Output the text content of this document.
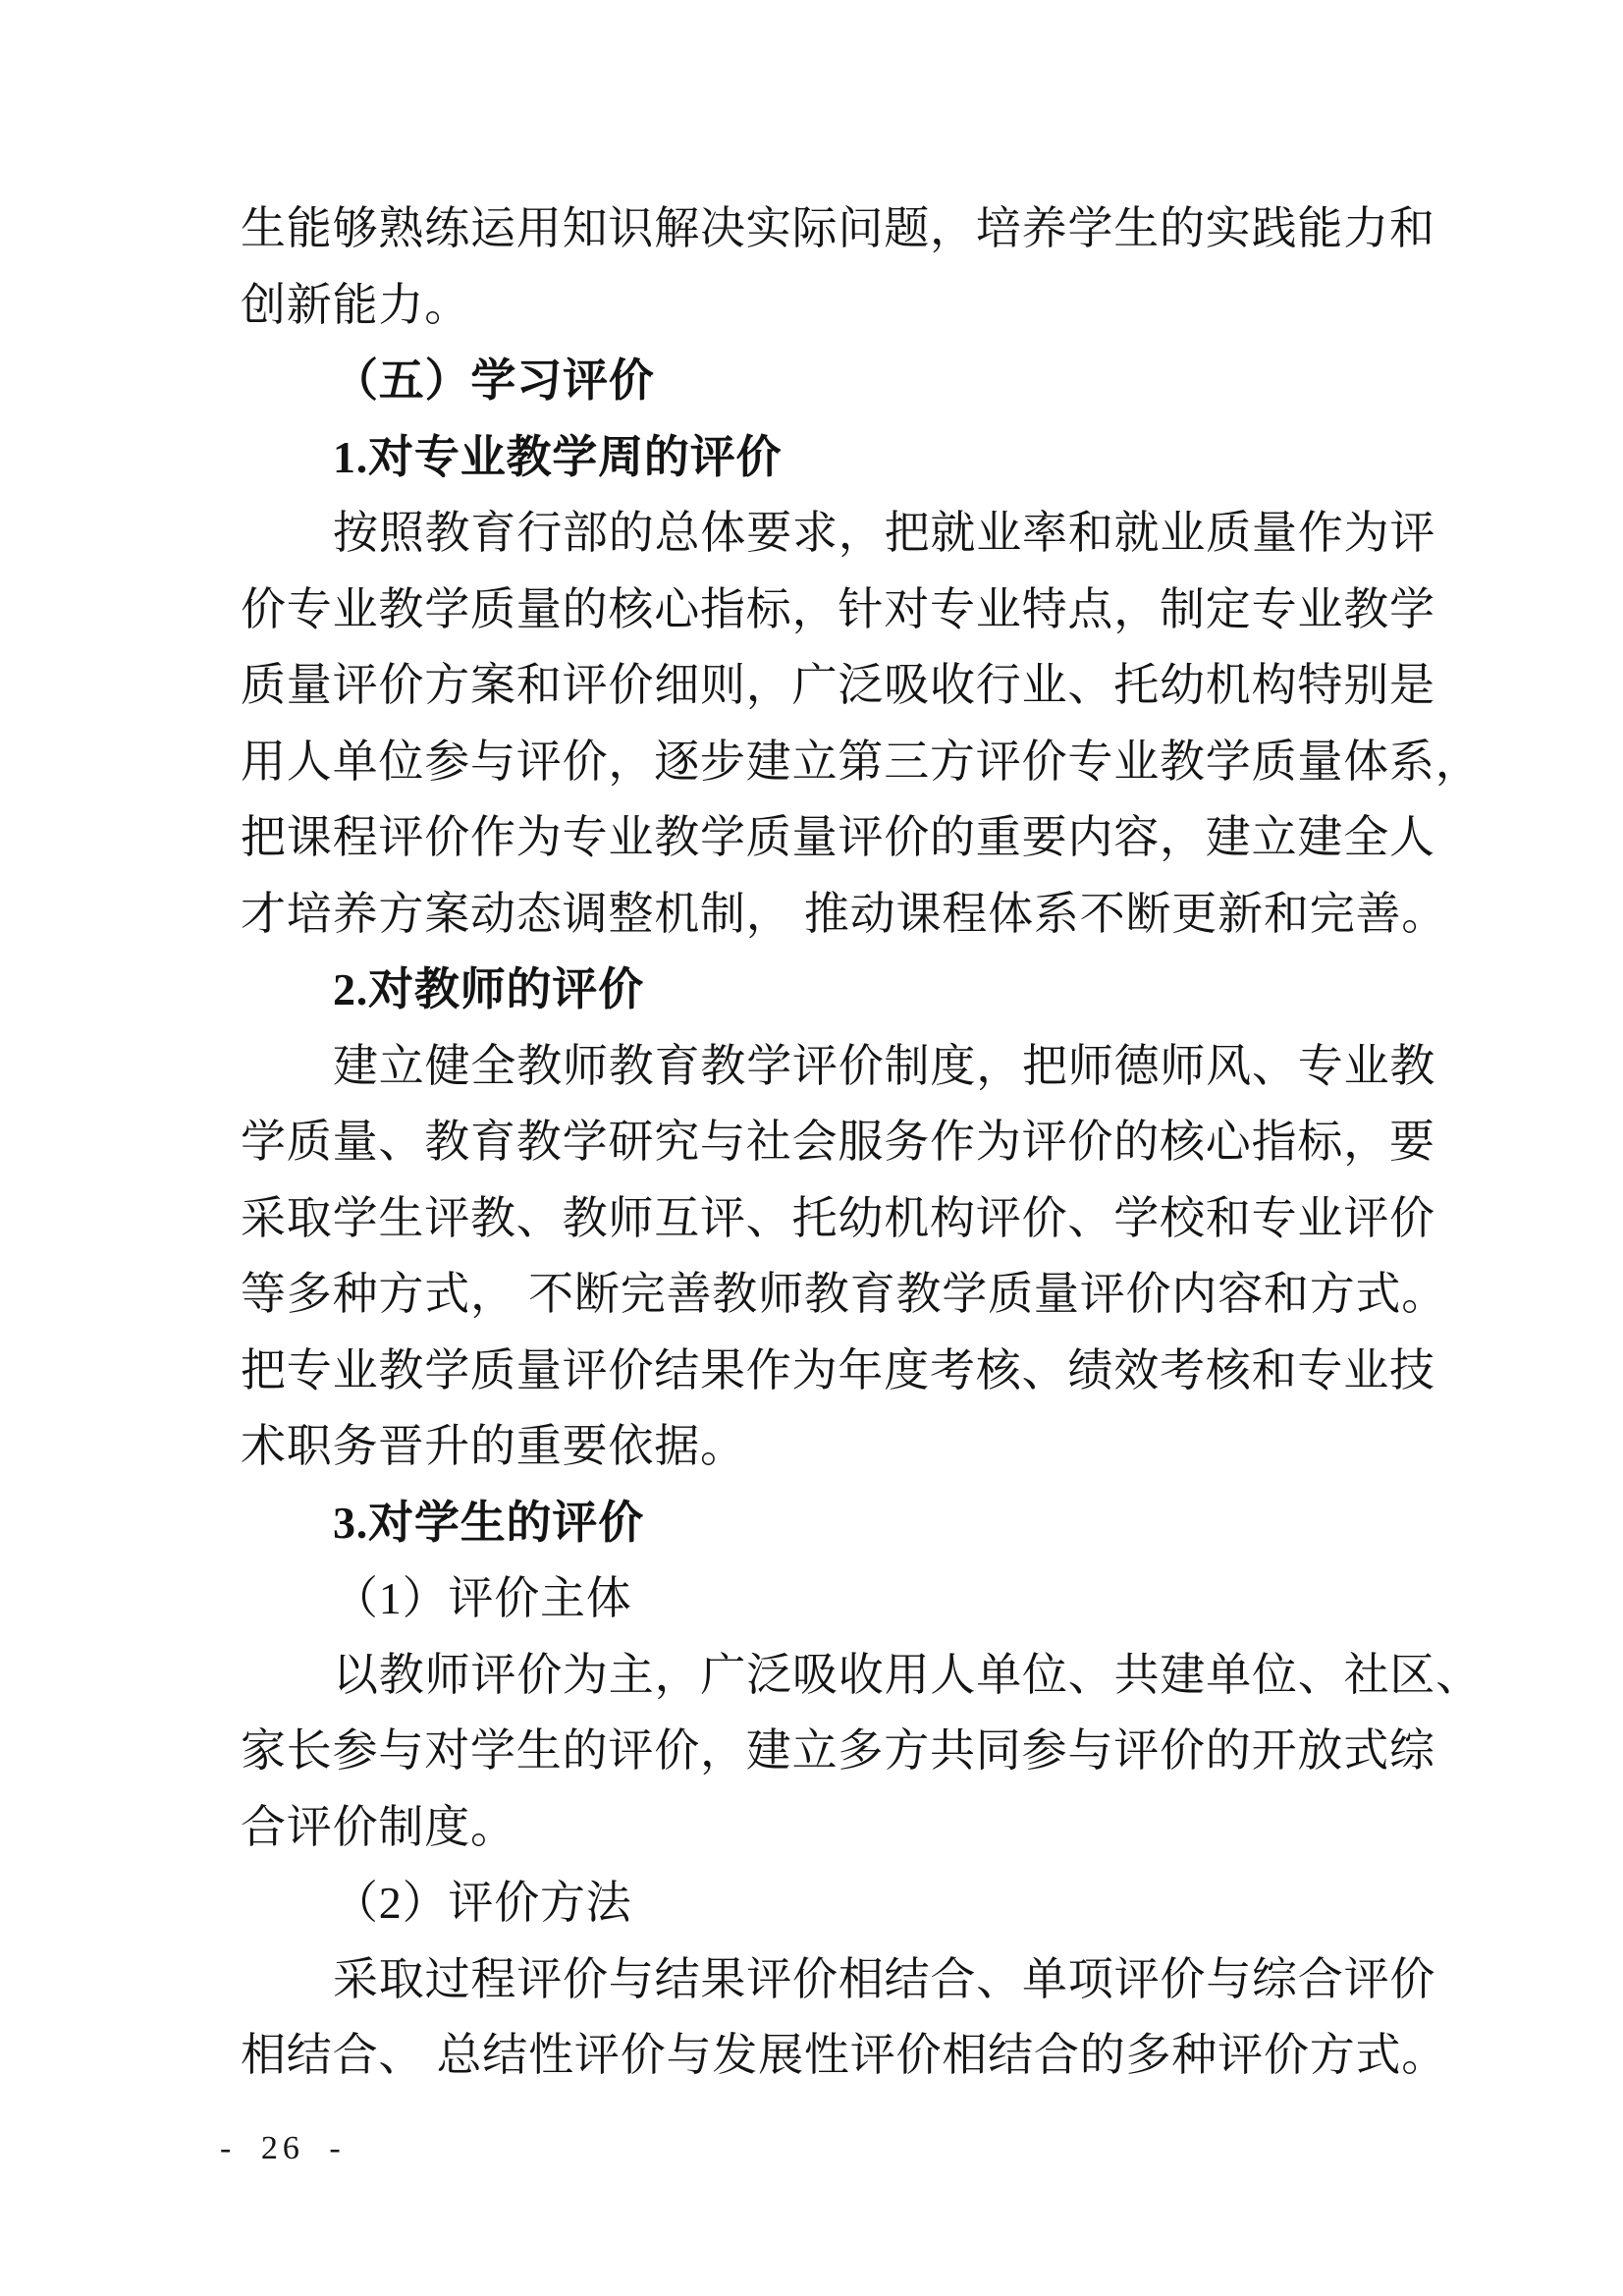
生能够熟练运用知识解决实际问题，培养学生的实践能力和
创新能力。
（五）学习评价
1.对专业教学周的评价
按照教育行部的总体要求，把就业率和就业质量作为评
价专业教学质量的核心指标，针对专业特点，制定专业教学
质量评价方案和评价细则，广泛吸收行业、托幼机构特别是
用人单位参与评价，逐步建立第三方评价专业教学质量体系，
把课程评价作为专业教学质量评价的重要内容，建立建全人
才培养方案动态调整机制， 推动课程体系不断更新和完善。
2.对教师的评价
建立健全教师教育教学评价制度，把师德师风、专业教
学质量、教育教学研究与社会服务作为评价的核心指标，要
采取学生评教、教师互评、托幼机构评价、学校和专业评价
等多种方式， 不断完善教师教育教学质量评价内容和方式。
把专业教学质量评价结果作为年度考核、绩效考核和专业技
术职务晋升的重要依据。
3.对学生的评价
（1）评价主体
以教师评价为主，广泛吸收用人单位、共建单位、社区、
家长参与对学生的评价，建立多方共同参与评价的开放式综
合评价制度。
（2）评价方法
采取过程评价与结果评价相结合、单项评价与综合评价
相结合、 总结性评价与发展性评价相结合的多种评价方式。
- 26 -
